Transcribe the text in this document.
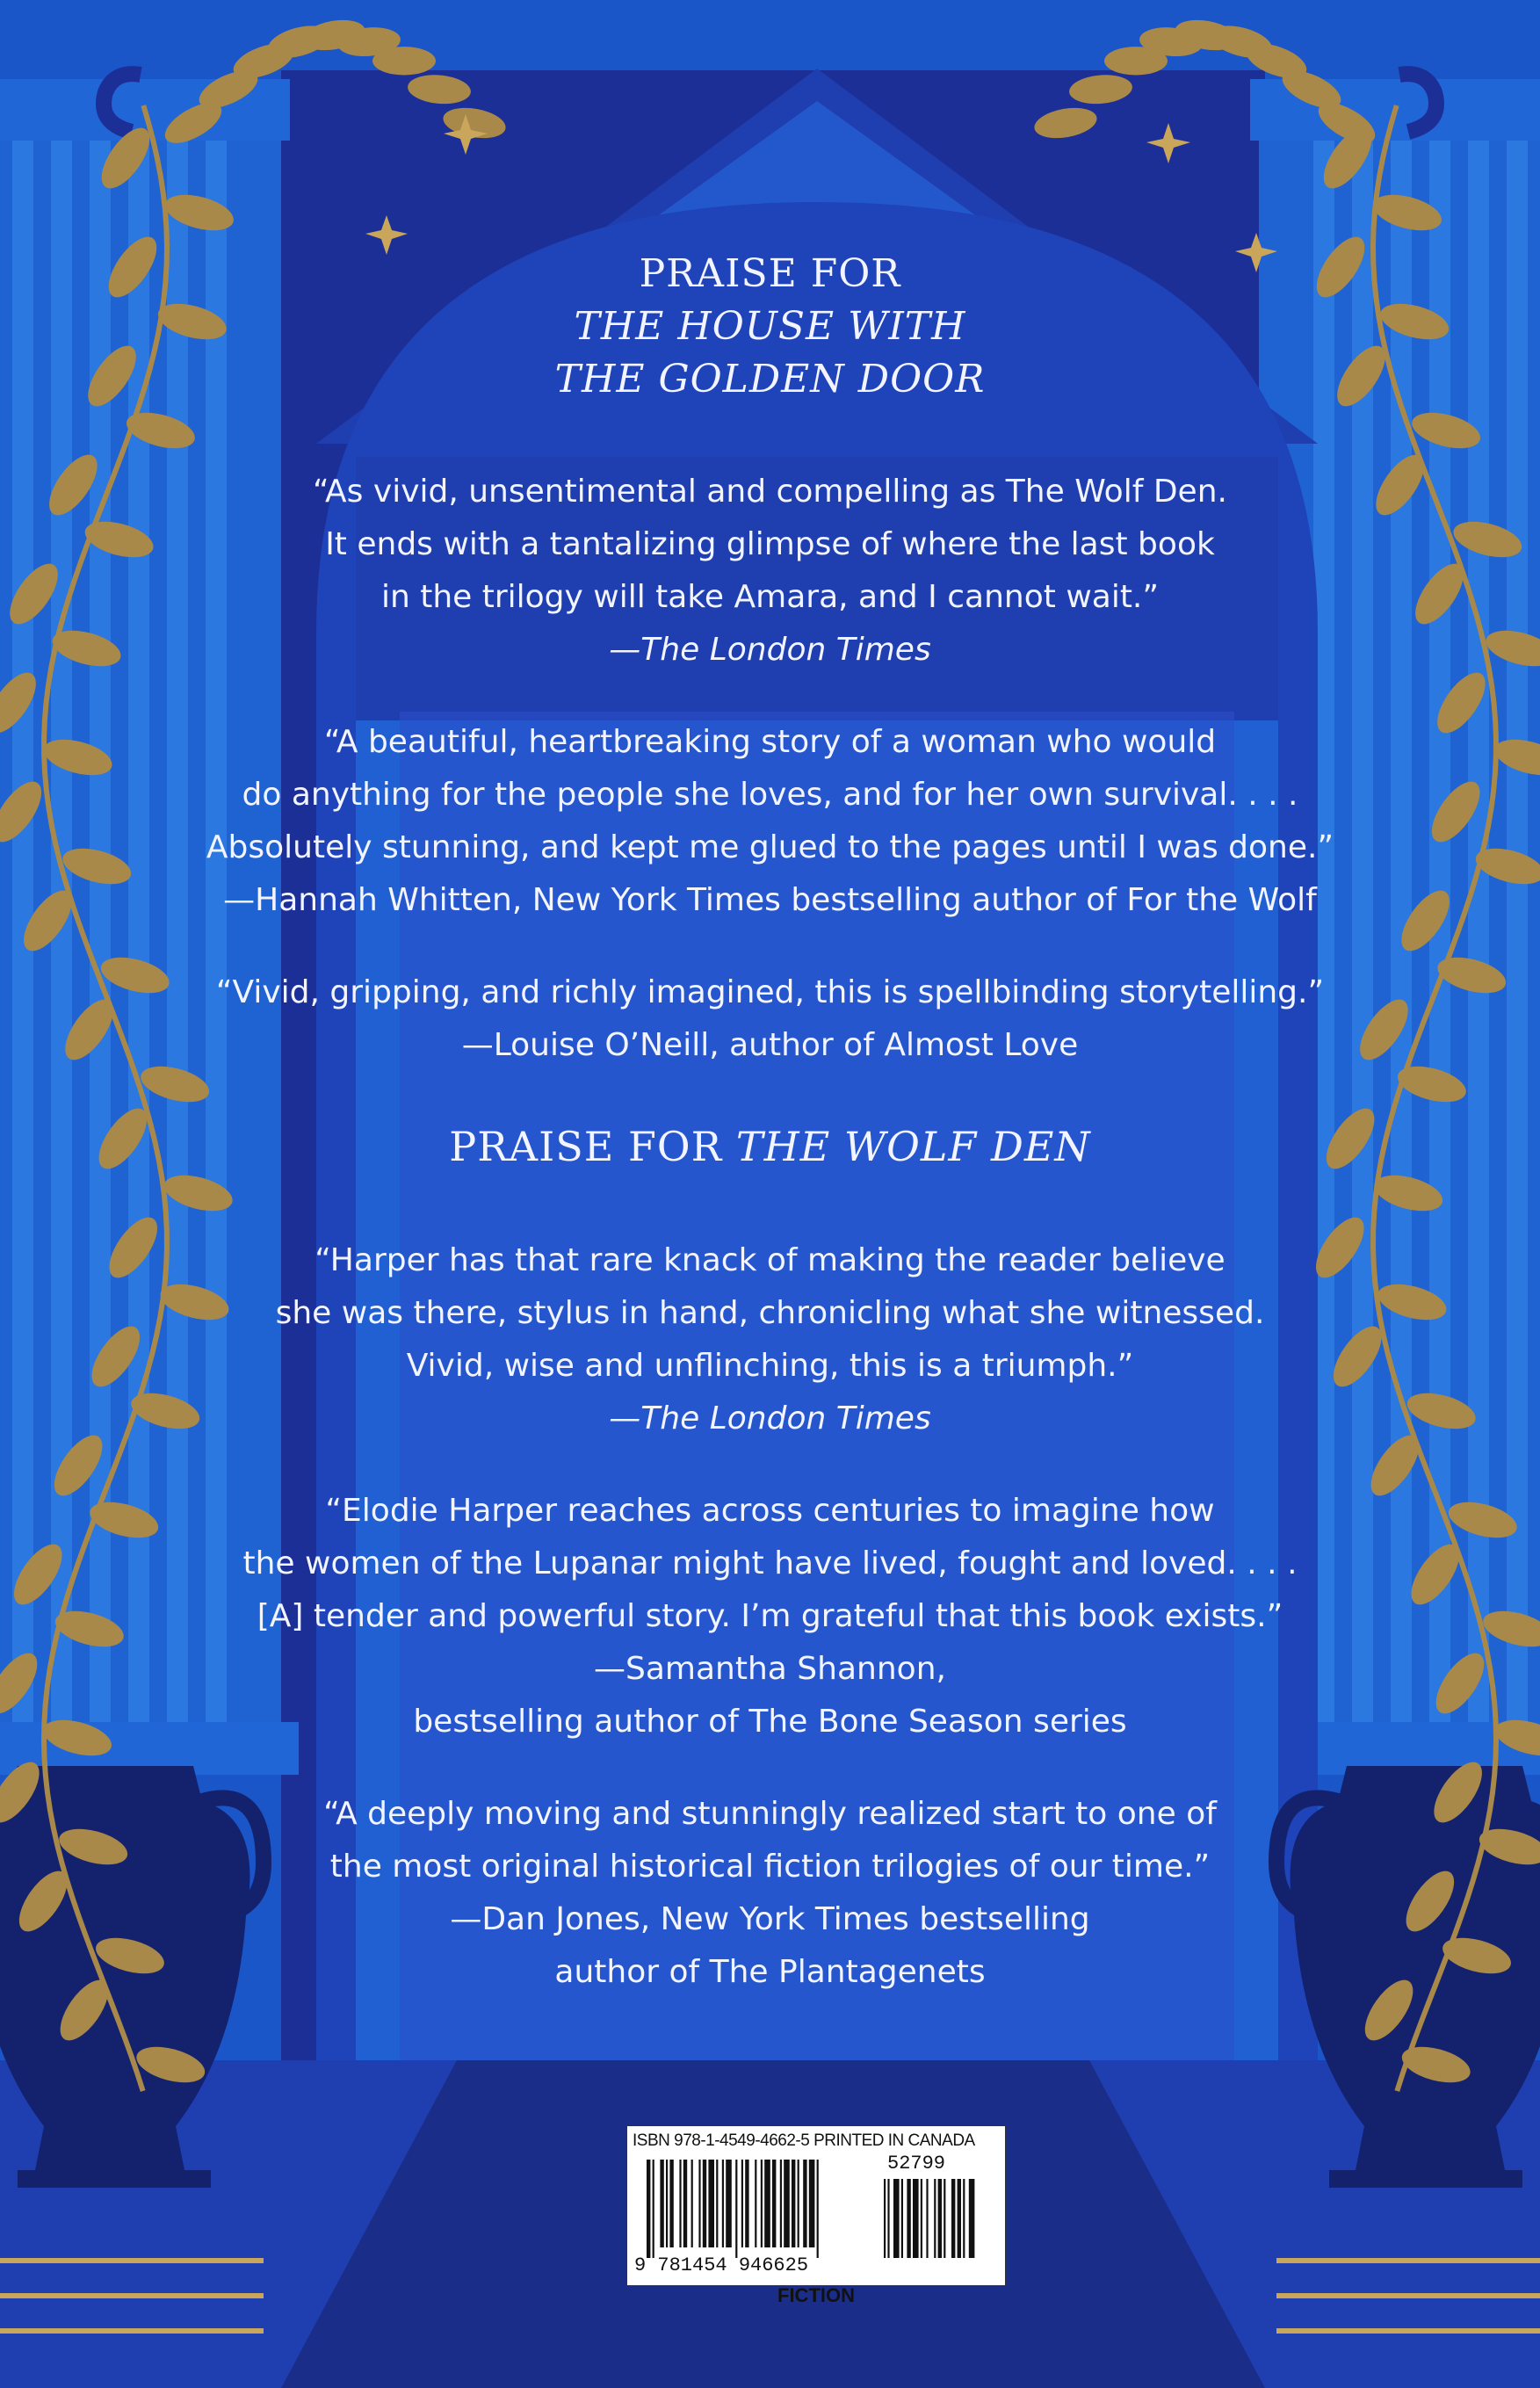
PRAISE FOR
THE HOUSE WITH
THE GOLDEN DOOR
“As vivid, unsentimental and compelling as The Wolf Den.
It ends with a tantalizing glimpse of where the last book
in the trilogy will take Amara, and I cannot wait.”
—The London Times
“A beautiful, heartbreaking story of a woman who would
do anything for the people she loves, and for her own survival. . . .
Absolutely stunning, and kept me glued to the pages until I was done.”
—Hannah Whitten, New York Times bestselling author of For the Wolf
“Vivid, gripping, and richly imagined, this is spellbinding storytelling.”
—Louise O’Neill, author of Almost Love
PRAISE FOR THE WOLF DEN
“Harper has that rare knack of making the reader believe
she was there, stylus in hand, chronicling what she witnessed.
Vivid, wise and unflinching, this is a triumph.”
—The London Times
“Elodie Harper reaches across centuries to imagine how
the women of the Lupanar might have lived, fought and loved. . . .
[A] tender and powerful story. I’m grateful that this book exists.”
—Samantha Shannon,
bestselling author of The Bone Season series
“A deeply moving and stunningly realized start to one of
the most original historical fiction trilogies of our time.”
—Dan Jones, New York Times bestselling
author of The Plantagenets
ISBN 978-1-4549-4662-5 PRINTED IN CANADA
9 781454 946625
52799
FICTION
